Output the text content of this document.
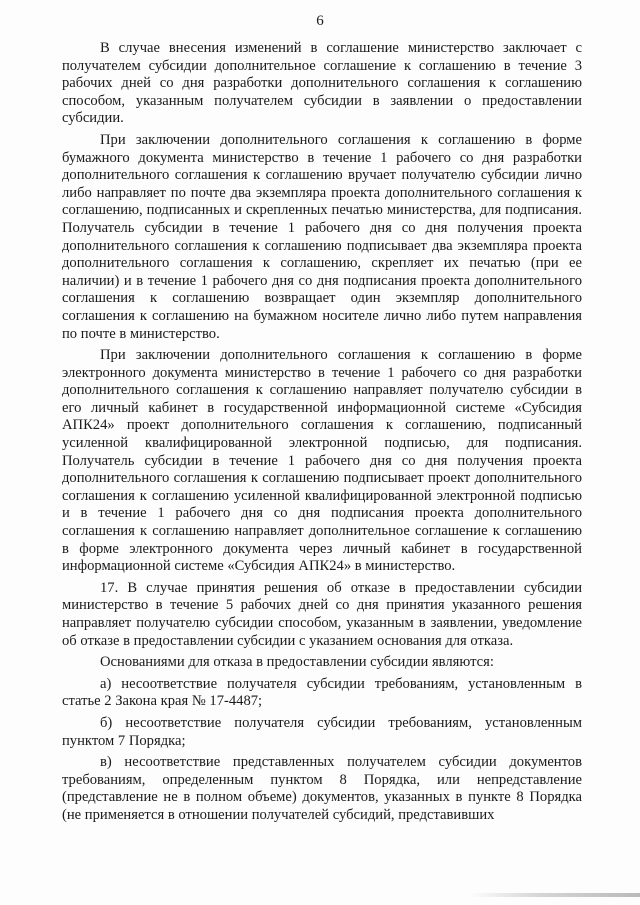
6

В случае внесения изменений в соглашение министерство заключает с получателем субсидии дополнительное соглашение к соглашению в течение 3 рабочих дней со дня разработки дополнительного соглашения к соглашению способом, указанным получателем субсидии в заявлении о предоставлении субсидии.

При заключении дополнительного соглашения к соглашению в форме бумажного документа министерство в течение 1 рабочего со дня разработки дополнительного соглашения к соглашению вручает получателю субсидии лично либо направляет по почте два экземпляра проекта дополнительного соглашения к соглашению, подписанных и скрепленных печатью министерства, для подписания. Получатель субсидии в течение 1 рабочего дня со дня получения проекта дополнительного соглашения к соглашению подписывает два экземпляра проекта дополнительного соглашения к соглашению, скрепляет их печатью (при ее наличии) и в течение 1 рабочего дня со дня подписания проекта дополнительного соглашения к соглашению возвращает один экземпляр дополнительного соглашения к соглашению на бумажном носителе лично либо путем направления по почте в министерство.

При заключении дополнительного соглашения к соглашению в форме электронного документа министерство в течение 1 рабочего со дня разработки дополнительного соглашения к соглашению направляет получателю субсидии в его личный кабинет в государственной информационной системе «Субсидия АПК24» проект дополнительного соглашения к соглашению, подписанный усиленной квалифицированной электронной подписью, для подписания. Получатель субсидии в течение 1 рабочего дня со дня получения проекта дополнительного соглашения к соглашению подписывает проект дополнительного соглашения к соглашению усиленной квалифицированной электронной подписью и в течение 1 рабочего дня со дня подписания проекта дополнительного соглашения к соглашению направляет дополнительное соглашение к соглашению в форме электронного документа через личный кабинет в государственной информационной системе «Субсидия АПК24» в министерство.

17. В случае принятия решения об отказе в предоставлении субсидии министерство в течение 5 рабочих дней со дня принятия указанного решения направляет получателю субсидии способом, указанным в заявлении, уведомление об отказе в предоставлении субсидии с указанием основания для отказа.

Основаниями для отказа в предоставлении субсидии являются:

а) несоответствие получателя субсидии требованиям, установленным в статье 2 Закона края № 17-4487;

б) несоответствие получателя субсидии требованиям, установленным пунктом 7 Порядка;

в) несоответствие представленных получателем субсидии документов требованиям, определенным пунктом 8 Порядка, или непредставление (представление не в полном объеме) документов, указанных в пункте 8 Порядка (не применяется в отношении получателей субсидий, представивших
